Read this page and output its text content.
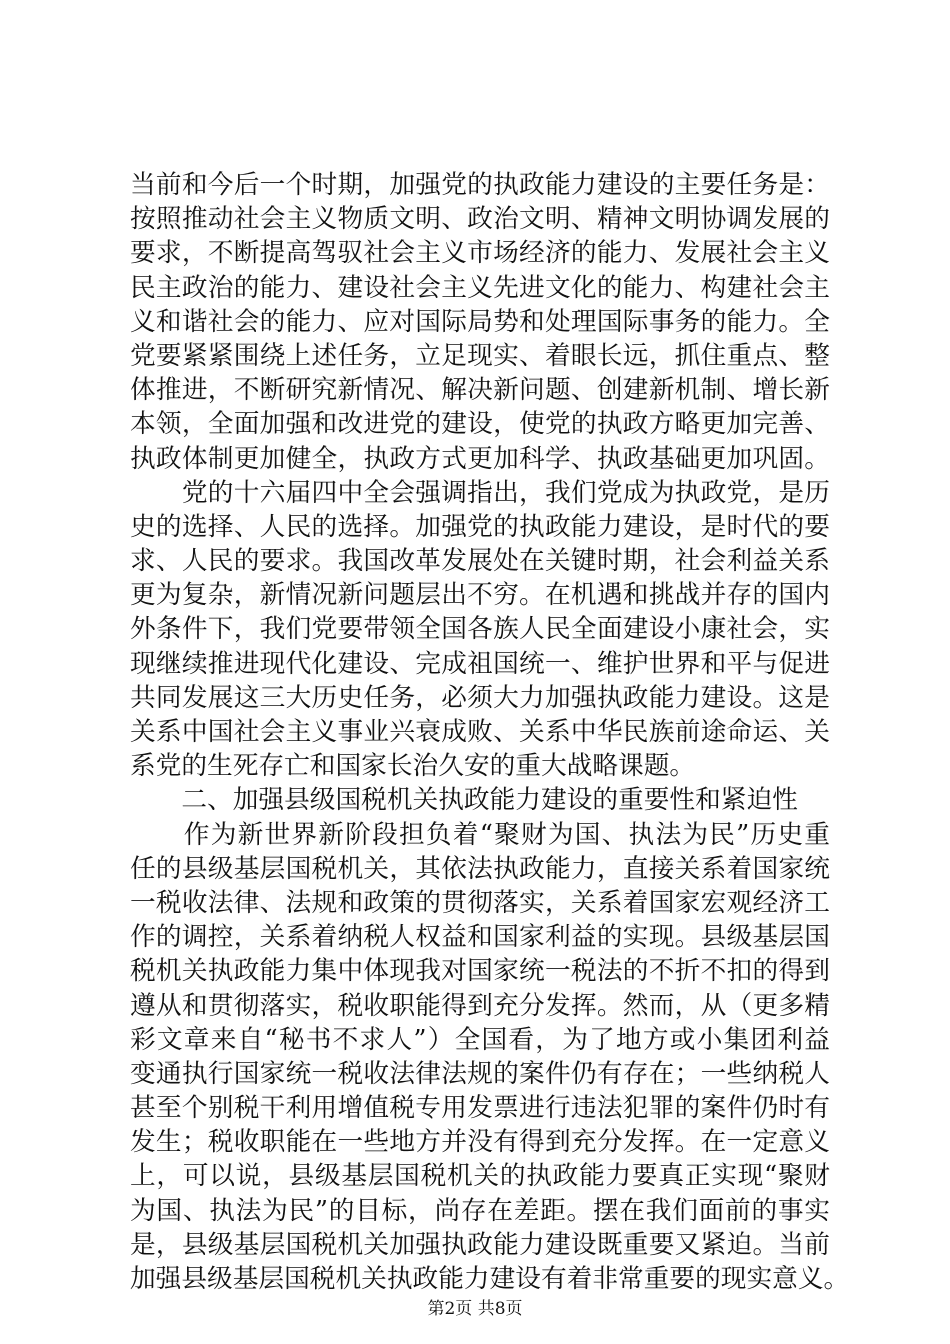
当前和今后一个时期，加强党的执政能力建设的主要任务是：
按照推动社会主义物质文明、政治文明、精神文明协调发展的
要求，不断提高驾驭社会主义市场经济的能力、发展社会主义
民主政治的能力、建设社会主义先进文化的能力、构建社会主
义和谐社会的能力、应对国际局势和处理国际事务的能力。全
党要紧紧围绕上述任务，立足现实、着眼长远，抓住重点、整
体推进，不断研究新情况、解决新问题、创建新机制、增长新
本领，全面加强和改进党的建设，使党的执政方略更加完善、
执政体制更加健全，执政方式更加科学、执政基础更加巩固。
　　党的十六届四中全会强调指出，我们党成为执政党，是历
史的选择、人民的选择。加强党的执政能力建设，是时代的要
求、人民的要求。我国改革发展处在关键时期，社会利益关系
更为复杂，新情况新问题层出不穷。在机遇和挑战并存的国内
外条件下，我们党要带领全国各族人民全面建设小康社会，实
现继续推进现代化建设、完成祖国统一、维护世界和平与促进
共同发展这三大历史任务，必须大力加强执政能力建设。这是
关系中国社会主义事业兴衰成败、关系中华民族前途命运、关
系党的生死存亡和国家长治久安的重大战略课题。
　　二、加强县级国税机关执政能力建设的重要性和紧迫性
　　作为新世界新阶段担负着“聚财为国、执法为民”历史重
任的县级基层国税机关，其依法执政能力，直接关系着国家统
一税收法律、法规和政策的贯彻落实，关系着国家宏观经济工
作的调控，关系着纳税人权益和国家利益的实现。县级基层国
税机关执政能力集中体现我对国家统一税法的不折不扣的得到
遵从和贯彻落实，税收职能得到充分发挥。然而，从（更多精
彩文章来自“秘书不求人”）全国看，为了地方或小集团利益
变通执行国家统一税收法律法规的案件仍有存在；一些纳税人
甚至个别税干利用增值税专用发票进行违法犯罪的案件仍时有
发生；税收职能在一些地方并没有得到充分发挥。在一定意义
上，可以说，县级基层国税机关的执政能力要真正实现“聚财
为国、执法为民”的目标，尚存在差距。摆在我们面前的事实
是，县级基层国税机关加强执政能力建设既重要又紧迫。当前
加强县级基层国税机关执政能力建设有着非常重要的现实意义。
第2页 共8页
